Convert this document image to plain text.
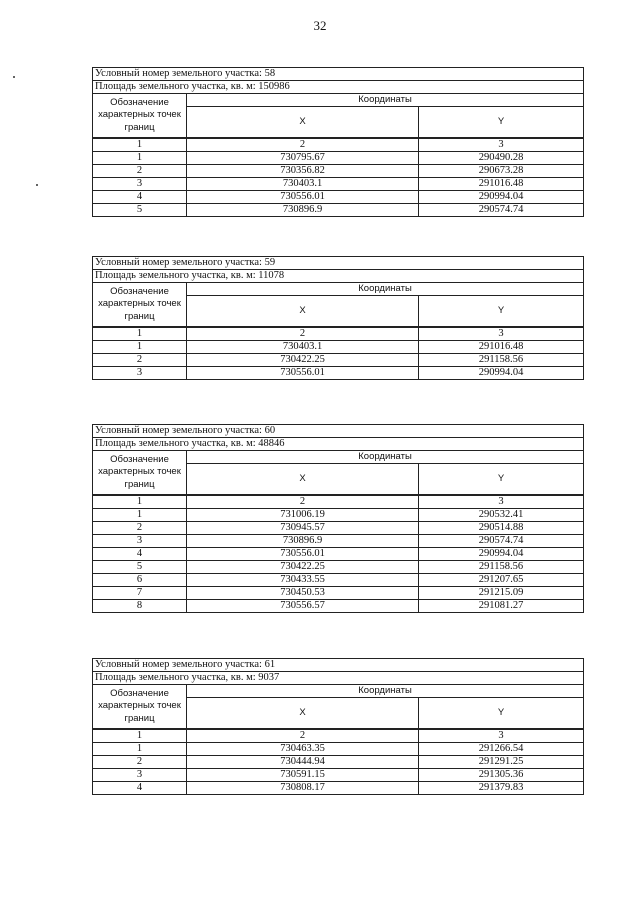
32
Условный номер земельного участка: 58		
Площадь земельного участка, кв. м: 150986		
Обозначение характерных точек границ	Координаты	
	X	Y
1	2	3
1	730795.67	290490.28
2	730356.82	290673.28
3	730403.1	291016.48
4	730556.01	290994.04
5	730896.9	290574.74
Условный номер земельного участка: 59		
Площадь земельного участка, кв. м: 11078		
Обозначение характерных точек границ	Координаты	
	X	Y
1	2	3
1	730403.1	291016.48
2	730422.25	291158.56
3	730556.01	290994.04
Условный номер земельного участка: 60		
Площадь земельного участка, кв. м: 48846		
Обозначение характерных точек границ	Координаты	
	X	Y
1	2	3
1	731006.19	290532.41
2	730945.57	290514.88
3	730896.9	290574.74
4	730556.01	290994.04
5	730422.25	291158.56
6	730433.55	291207.65
7	730450.53	291215.09
8	730556.57	291081.27
Условный номер земельного участка: 61		
Площадь земельного участка, кв. м: 9037		
Обозначение характерных точек границ	Координаты	
	X	Y
1	2	3
1	730463.35	291266.54
2	730444.94	291291.25
3	730591.15	291305.36
4	730808.17	291379.83
